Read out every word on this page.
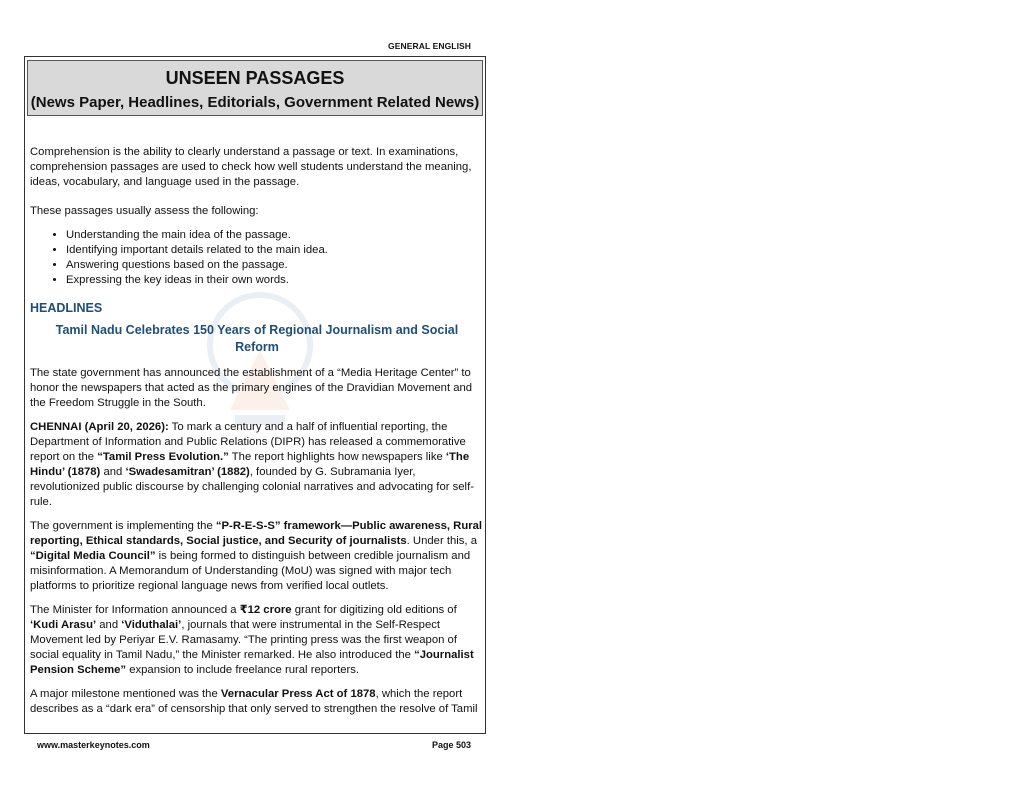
GENERAL ENGLISH
UNSEEN PASSAGES
(News Paper, Headlines, Editorials, Government Related News)

Comprehension is the ability to clearly understand a passage or text. In examinations, comprehension passages are used to check how well students understand the meaning, ideas, vocabulary, and language used in the passage.

These passages usually assess the following:

• Understanding the main idea of the passage.
• Identifying important details related to the main idea.
• Answering questions based on the passage.
• Expressing the key ideas in their own words.
HEADLINES
Tamil Nadu Celebrates 150 Years of Regional Journalism and Social Reform

The state government has announced the establishment of a “Media Heritage Center” to honor the newspapers that acted as the primary engines of the Dravidian Movement and the Freedom Struggle in the South.

CHENNAI (April 20, 2026): To mark a century and a half of influential reporting, the Department of Information and Public Relations (DIPR) has released a commemorative report on the “Tamil Press Evolution.” The report highlights how newspapers like ‘The Hindu’ (1878) and ‘Swadesamitran’ (1882), founded by G. Subramania Iyer, revolutionized public discourse by challenging colonial narratives and advocating for self-rule.

The government is implementing the “P-R-E-S-S” framework—Public awareness, Rural reporting, Ethical standards, Social justice, and Security of journalists. Under this, a “Digital Media Council” is being formed to distinguish between credible journalism and misinformation. A Memorandum of Understanding (MoU) was signed with major tech platforms to prioritize regional language news from verified local outlets.

The Minister for Information announced a ₹12 crore grant for digitizing old editions of ‘Kudi Arasu’ and ‘Viduthalai’, journals that were instrumental in the Self-Respect Movement led by Periyar E.V. Ramasamy. “The printing press was the first weapon of social equality in Tamil Nadu,” the Minister remarked. He also introduced the “Journalist Pension Scheme” expansion to include freelance rural reporters.

A major milestone mentioned was the Vernacular Press Act of 1878, which the report describes as a “dark era” of censorship that only served to strengthen the resolve of Tamil

www.masterkeynotes.com	Page 503
